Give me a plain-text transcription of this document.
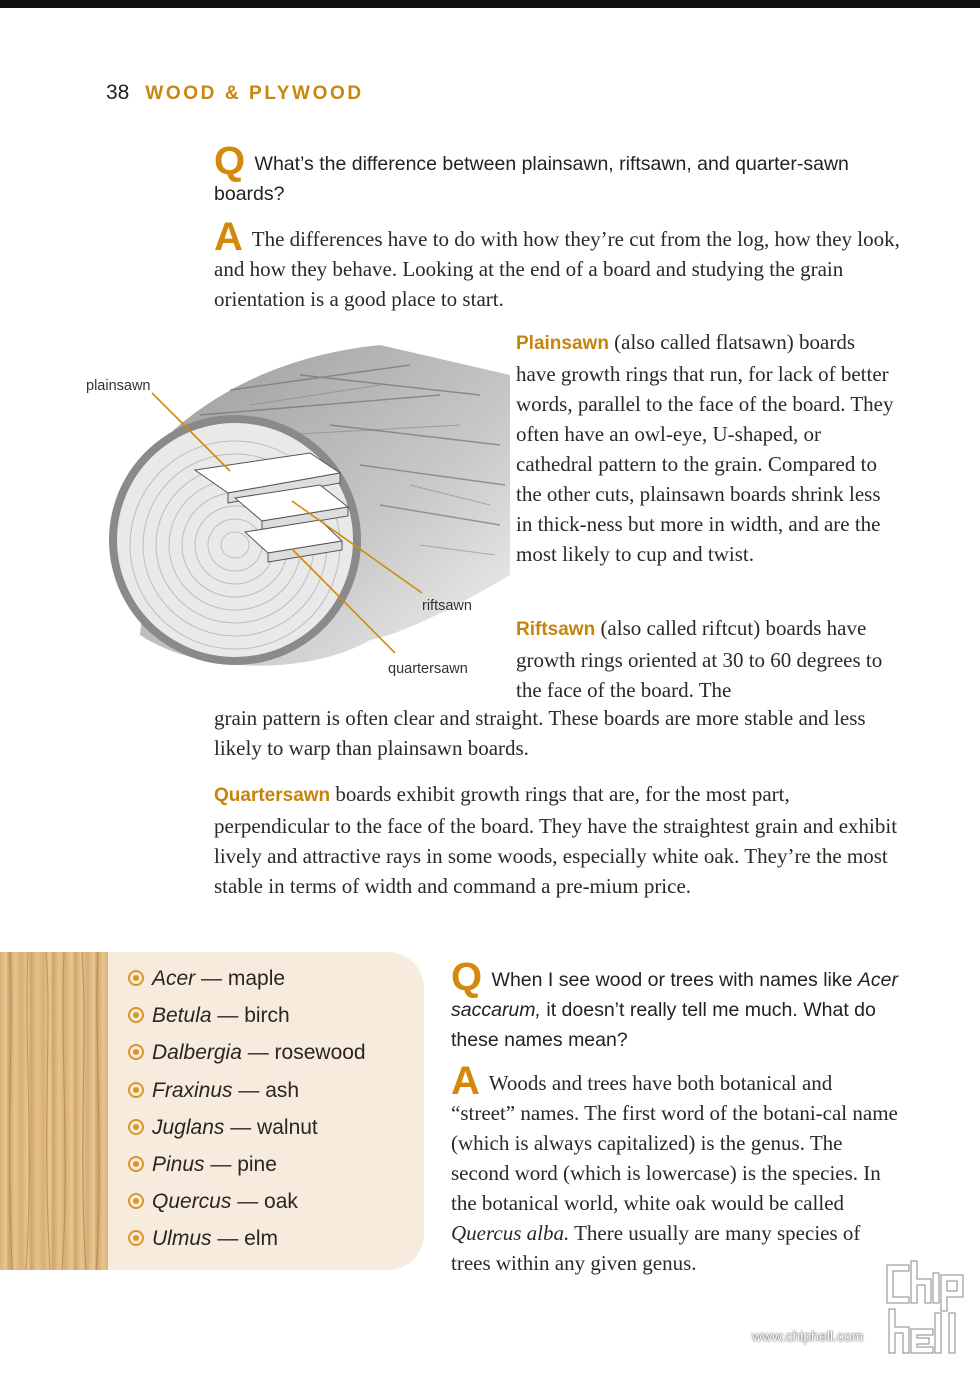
38 WOOD & PLYWOOD
Q What’s the difference between plainsawn, riftsawn, and quarter-sawn boards?
A The differences have to do with how they’re cut from the log, how they look, and how they behave. Looking at the end of a board and studying the grain orientation is a good place to start.
plainsawn
riftsawn
quartersawn
Plainsawn (also called flatsawn) boards have growth rings that run, for lack of better words, parallel to the face of the board. They often have an owl-eye, U-shaped, or cathedral pattern to the grain. Compared to the other cuts, plainsawn boards shrink less in thick-ness but more in width, and are the most likely to cup and twist.
Riftsawn (also called riftcut) boards have growth rings oriented at 30 to 60 degrees to the face of the board. The
grain pattern is often clear and straight. These boards are more stable and less likely to warp than plainsawn boards.
Quartersawn boards exhibit growth rings that are, for the most part, perpendicular to the face of the board. They have the straightest grain and exhibit lively and attractive rays in some woods, especially white oak. They’re the most stable in terms of width and command a pre-mium price.
Acer — maple
Betula — birch
Dalbergia — rosewood
Fraxinus — ash
Juglans — walnut
Pinus — pine
Quercus — oak
Ulmus — elm
Q When I see wood or trees with names like Acer saccarum, it doesn’t really tell me much. What do these names mean?
A Woods and trees have both botanical and “street” names. The first word of the botani-cal name (which is always capitalized) is the genus. The second word (which is lowercase) is the species. In the botanical world, white oak would be called Quercus alba. There usually are many species of trees within any given genus.
www.chiphell.com
chip hell
